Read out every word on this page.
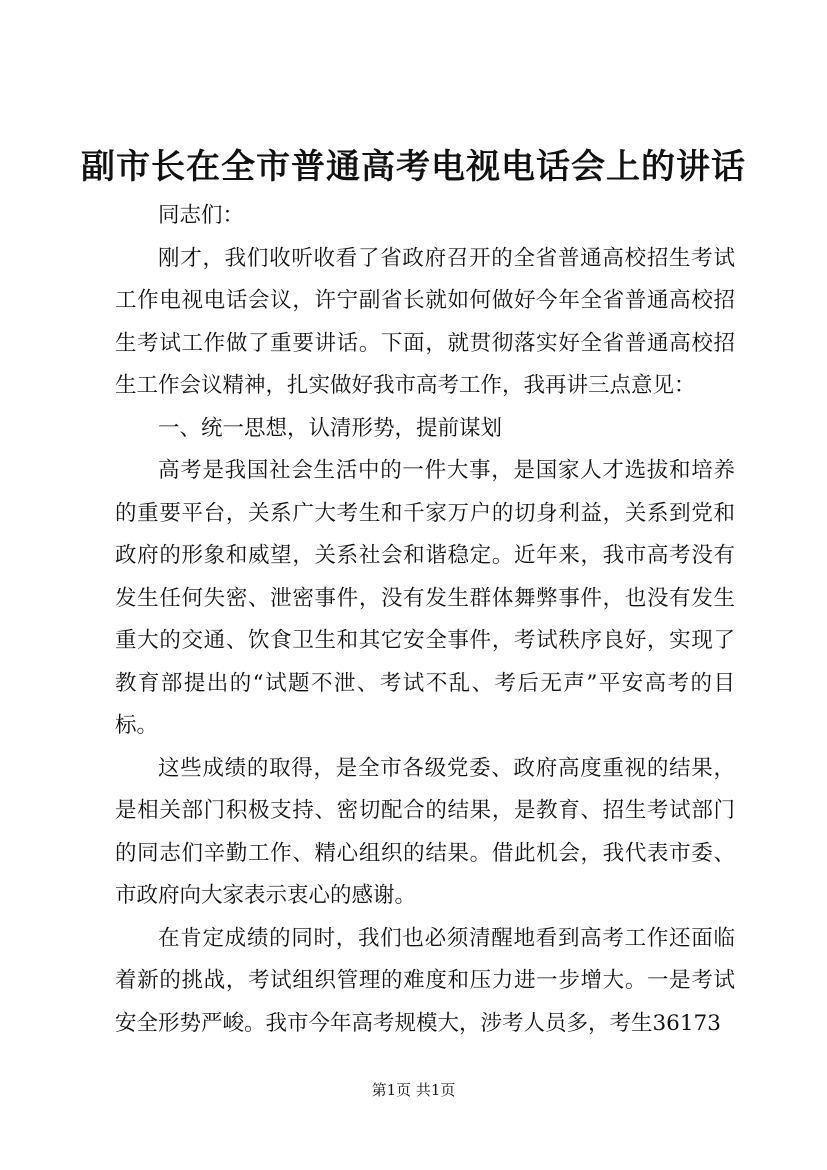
副市长在全市普通高考电视电话会上的讲话

同志们：

刚才，我们收听收看了省政府召开的全省普通高校招生考试工作电视电话会议，许宁副省长就如何做好今年全省普通高校招生考试工作做了重要讲话。下面，就贯彻落实好全省普通高校招生工作会议精神，扎实做好我市高考工作，我再讲三点意见：

一、统一思想，认清形势，提前谋划

高考是我国社会生活中的一件大事，是国家人才选拔和培养的重要平台，关系广大考生和千家万户的切身利益，关系到党和政府的形象和威望，关系社会和谐稳定。近年来，我市高考没有发生任何失密、泄密事件，没有发生群体舞弊事件，也没有发生重大的交通、饮食卫生和其它安全事件，考试秩序良好，实现了教育部提出的“试题不泄、考试不乱、考后无声”平安高考的目标。

这些成绩的取得，是全市各级党委、政府高度重视的结果，是相关部门积极支持、密切配合的结果，是教育、招生考试部门的同志们辛勤工作、精心组织的结果。借此机会，我代表市委、市政府向大家表示衷心的感谢。

在肯定成绩的同时，我们也必须清醒地看到高考工作还面临着新的挑战，考试组织管理的难度和压力进一步增大。一是考试安全形势严峻。我市今年高考规模大，涉考人员多，考生36173

第1页 共1页
